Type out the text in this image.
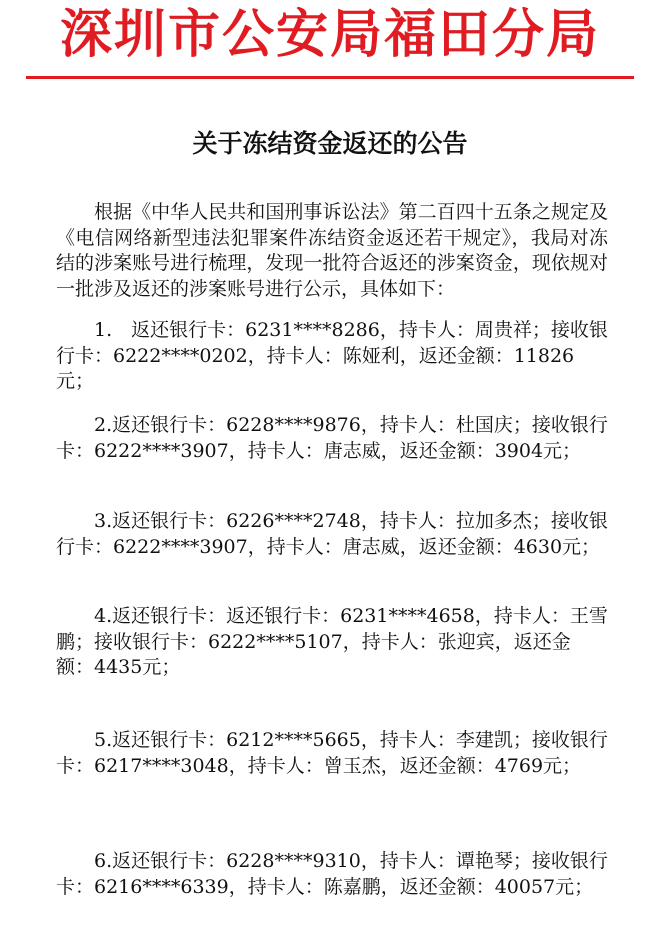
深圳市公安局福田分局
关于冻结资金返还的公告

根据《中华人民共和国刑事诉讼法》第二百四十五条之规定及《电信网络新型违法犯罪案件冻结资金返还若干规定》，我局对冻结的涉案账号进行梳理，发现一批符合返还的涉案资金，现依规对一批涉及返还的涉案账号进行公示，具体如下：

1.　返还银行卡：6231****8286，持卡人：周贵祥；接收银行卡：6222****0202，持卡人：陈娅利，返还金额：11826元；

2.返还银行卡：6228****9876，持卡人：杜国庆；接收银行卡：6222****3907，持卡人：唐志威，返还金额：3904元；

3.返还银行卡：6226****2748，持卡人：拉加多杰；接收银行卡：6222****3907，持卡人：唐志威，返还金额：4630元；

4.返还银行卡：返还银行卡：6231****4658，持卡人：王雪鹏；接收银行卡：6222****5107，持卡人：张迎宾，返还金额：4435元；

5.返还银行卡：6212****5665，持卡人：李建凯；接收银行卡：6217****3048，持卡人：曾玉杰，返还金额：4769元；

6.返还银行卡：6228****9310，持卡人：谭艳琴；接收银行卡：6216****6339，持卡人：陈嘉鹏，返还金额：40057元；
